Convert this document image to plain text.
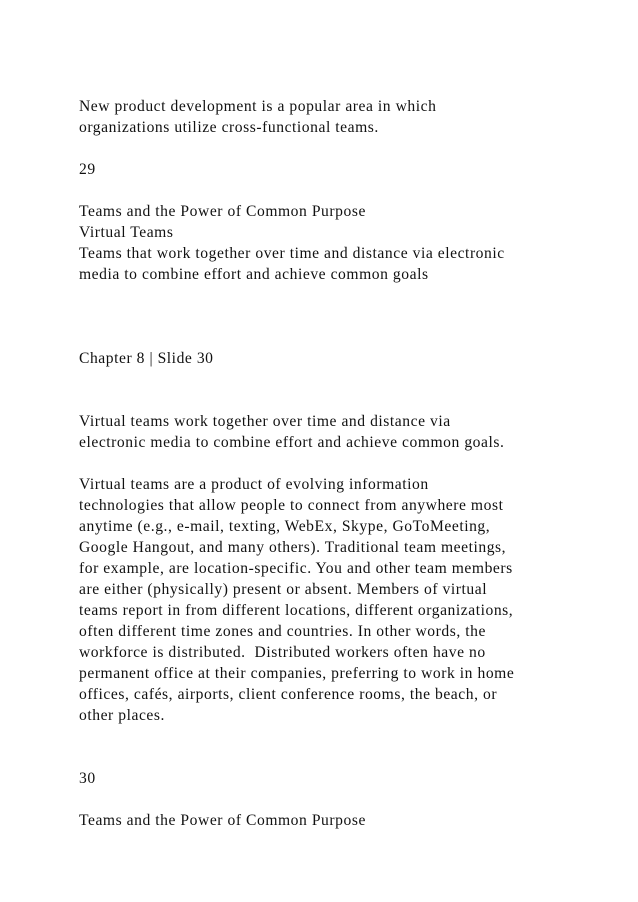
New product development is a popular area in which

organizations utilize cross-functional teams.

29

Teams and the Power of Common Purpose

Virtual Teams

Teams that work together over time and distance via electronic

media to combine effort and achieve common goals

Chapter 8 | Slide 30

Virtual teams work together over time and distance via

electronic media to combine effort and achieve common goals.

Virtual teams are a product of evolving information

technologies that allow people to connect from anywhere most

anytime (e.g., e-mail, texting, WebEx, Skype, GoToMeeting,

Google Hangout, and many others). Traditional team meetings,

for example, are location-specific. You and other team members

are either (physically) present or absent. Members of virtual

teams report in from different locations, different organizations,

often different time zones and countries. In other words, the

workforce is distributed.  Distributed workers often have no

permanent office at their companies, preferring to work in home

offices, cafés, airports, client conference rooms, the beach, or

other places.

30

Teams and the Power of Common Purpose
